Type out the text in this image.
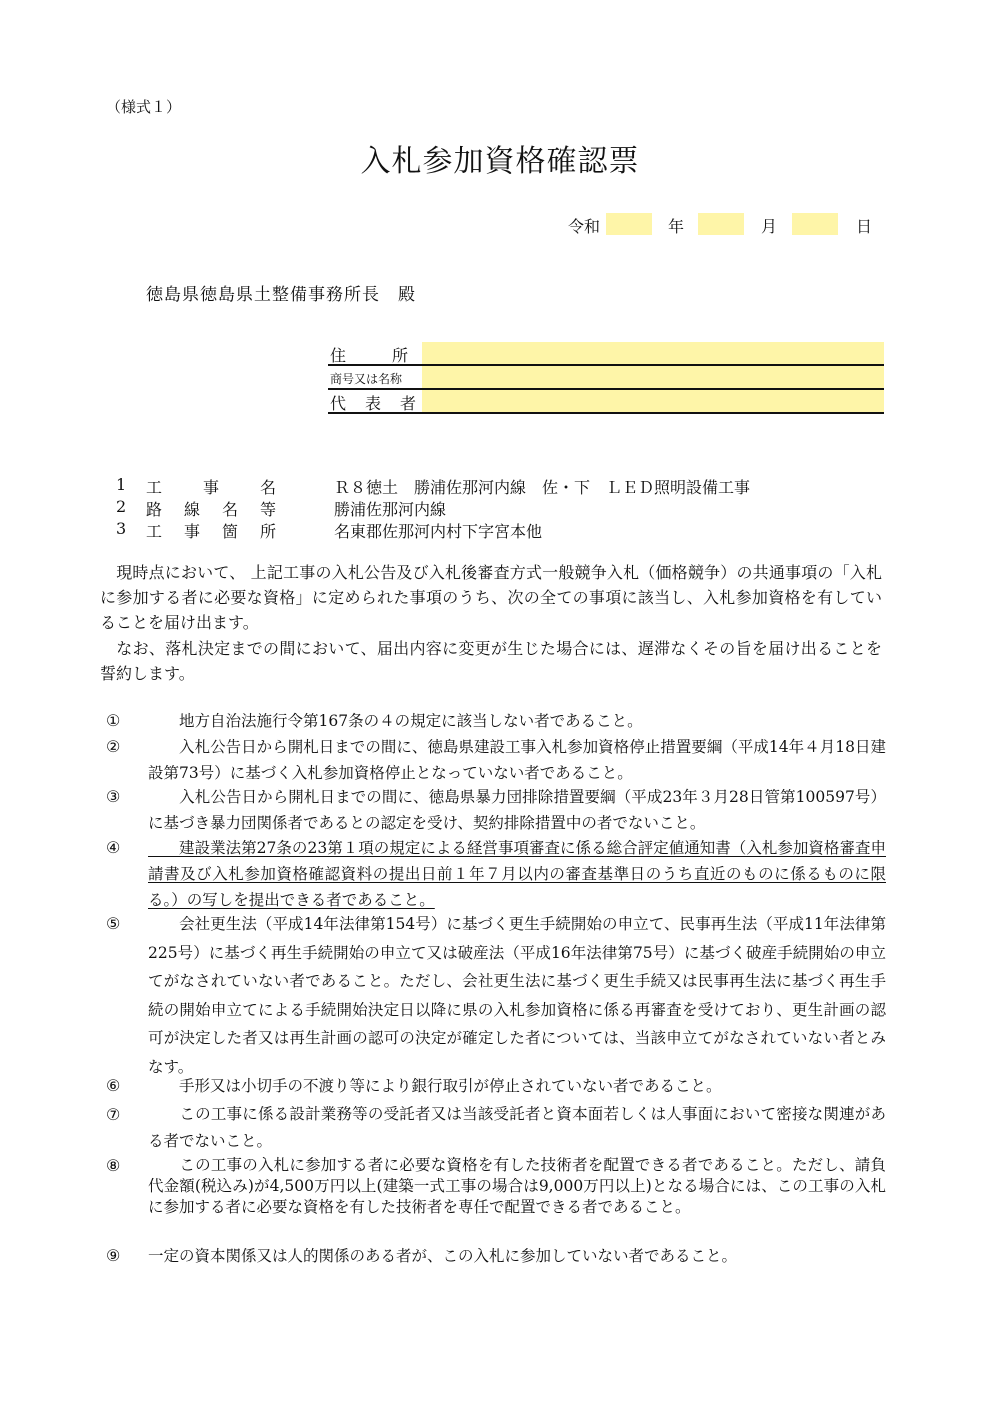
（様式１）
入札参加資格確認票
令和	年	月	日
徳島県徳島県土整備事務所長　殿
住	所
商号又は名称
代 表 者
1 工	事	名	Ｒ８徳土　勝浦佐那河内線　佐・下　ＬＥＤ照明設備工事
2 路 線 名 等	勝浦佐那河内線
3 工 事 箇 所	名東郡佐那河内村下字宮本他
　現時点において、 上記工事の入札公告及び入札後審査方式一般競争入札（価格競争）の共通事項の「入札に参加する者に必要な資格」に定められた事項のうち、次の全ての事項に該当し、入札参加資格を有していることを届け出ます。
　なお、落札決定までの間において、届出内容に変更が生じた場合には、遅滞なくその旨を届け出ることを誓約します。
① 　　地方自治法施行令第167条の４の規定に該当しない者であること。
② 　　入札公告日から開札日までの間に、徳島県建設工事入札参加資格停止措置要綱（平成14年４月18日建設第73号）に基づく入札参加資格停止となっていない者であること。
③ 　　入札公告日から開札日までの間に、徳島県暴力団排除措置要綱（平成23年３月28日管第100597号）に基づき暴力団関係者であるとの認定を受け、契約排除措置中の者でないこと。
④ 　　建設業法第27条の23第１項の規定による経営事項審査に係る総合評定値通知書（入札参加資格審査申請書及び入札参加資格確認資料の提出日前１年７月以内の審査基準日のうち直近のものに係るものに限る。）の写しを提出できる者であること。
⑤ 　　会社更生法（平成14年法律第154号）に基づく更生手続開始の申立て、民事再生法（平成11年法律第225号）に基づく再生手続開始の申立て又は破産法（平成16年法律第75号）に基づく破産手続開始の申立てがなされていない者であること。ただし、会社更生法に基づく更生手続又は民事再生法に基づく再生手続の開始申立てによる手続開始決定日以降に県の入札参加資格に係る再審査を受けており、更生計画の認可が決定した者又は再生計画の認可の決定が確定した者については、当該申立てがなされていない者とみなす。
⑥ 　　手形又は小切手の不渡り等により銀行取引が停止されていない者であること。
⑦ 　　この工事に係る設計業務等の受託者又は当該受託者と資本面若しくは人事面において密接な関連がある者でないこと。
⑧ 　　この工事の入札に参加する者に必要な資格を有した技術者を配置できる者であること。ただし、請負代金額(税込み)が4,500万円以上(建築一式工事の場合は9,000万円以上)となる場合には、この工事の入札に参加する者に必要な資格を有した技術者を専任で配置できる者であること。
⑨ 一定の資本関係又は人的関係のある者が、この入札に参加していない者であること。
